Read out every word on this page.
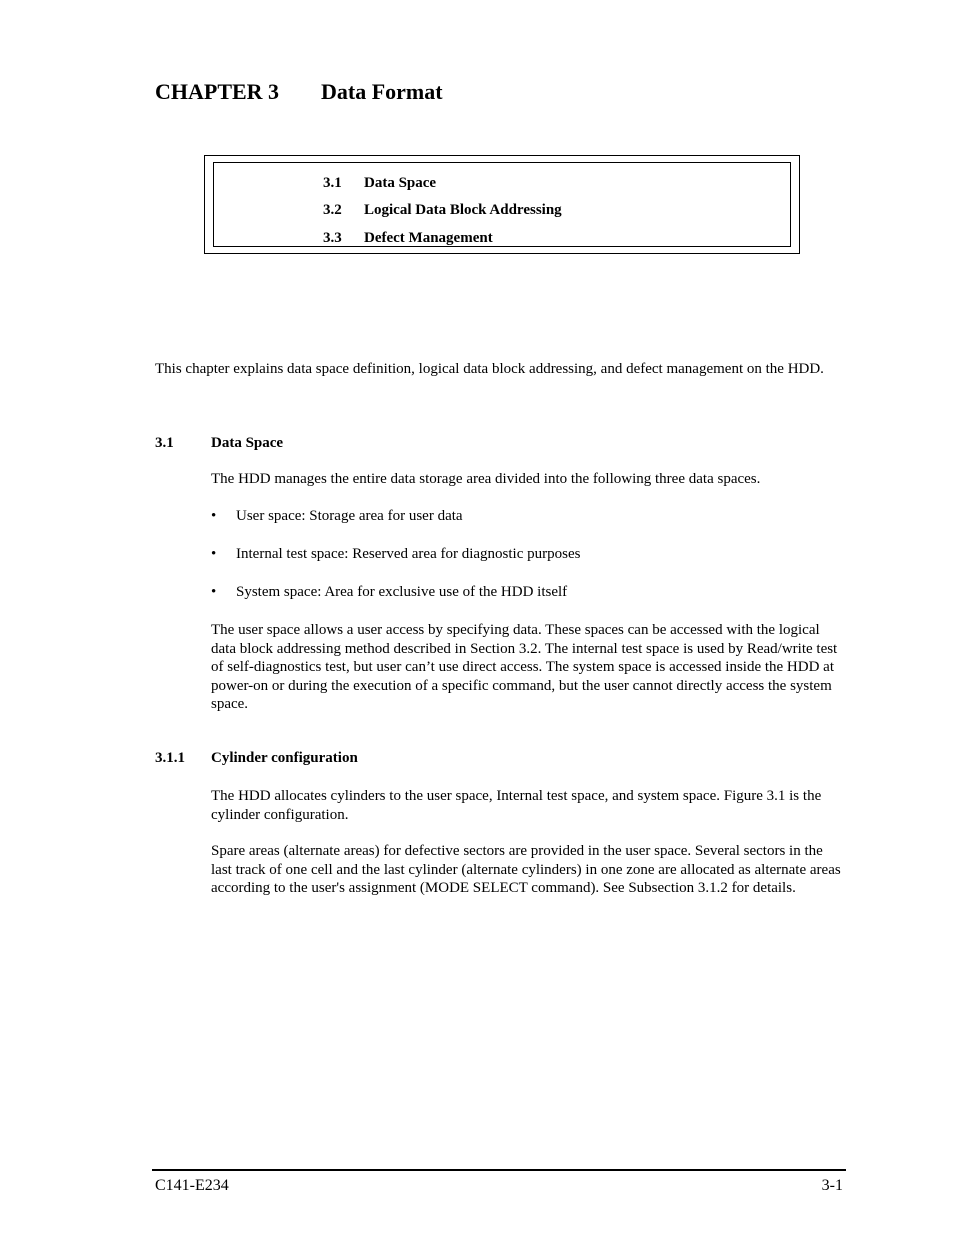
CHAPTER 3 Data Format
3.1 Data Space
3.2 Logical Data Block Addressing
3.3 Defect Management

This chapter explains data space definition, logical data block addressing, and defect management on the HDD.

3.1 Data Space

The HDD manages the entire data storage area divided into the following three data spaces.

• User space: Storage area for user data
• Internal test space: Reserved area for diagnostic purposes
• System space: Area for exclusive use of the HDD itself

The user space allows a user access by specifying data. These spaces can be accessed with the logical data block addressing method described in Section 3.2. The internal test space is used by Read/write test of self-diagnostics test, but user can’t use direct access. The system space is accessed inside the HDD at power-on or during the execution of a specific command, but the user cannot directly access the system space.

3.1.1 Cylinder configuration

The HDD allocates cylinders to the user space, Internal test space, and system space. Figure 3.1 is the cylinder configuration.

Spare areas (alternate areas) for defective sectors are provided in the user space. Several sectors in the last track of one cell and the last cylinder (alternate cylinders) in one zone are allocated as alternate areas according to the user's assignment (MODE SELECT command). See Subsection 3.1.2 for details.

C141-E234	3-1
